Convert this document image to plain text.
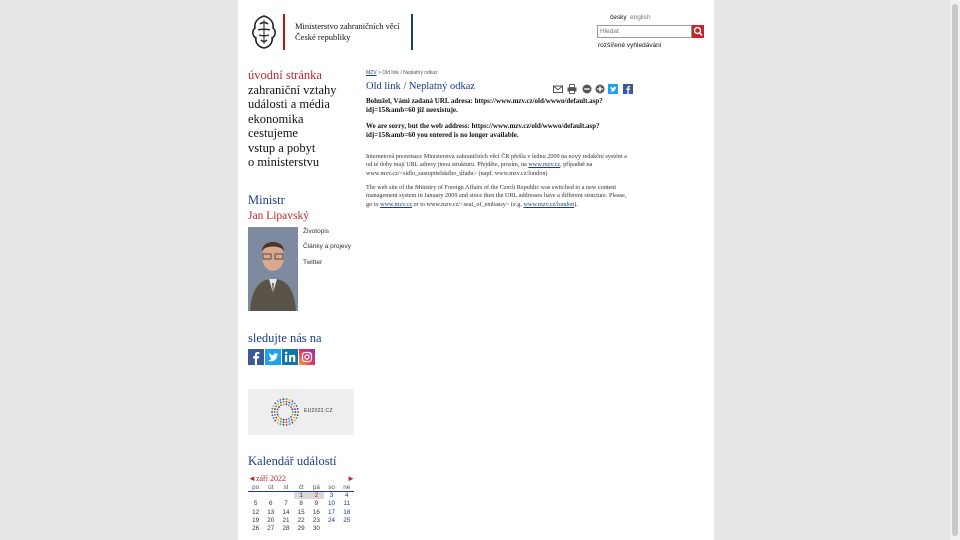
Ministerstvo zahraničních věcí
České republiky
česky english
Hledat
rozšířené vyhledávání
úvodní stránka
zahraniční vztahy
události a média
ekonomika
cestujeme
vstup a pobyt
o ministerstvu
Ministr
Jan Lipavský
Životopis
Články a projevy
Twitter
sledujte nás na
EU2022.CZ
Kalendář událostí
◄ září 2022	►
po	út	st	čt	pá	so	ne
			1	2	3	4
5	6	7	8	9	10	11
12	13	14	15	16	17	18
19	20	21	22	23	24	25
26	27	28	29	30		
MZV > Old link / Neplatný odkaz
Old link / Neplatný odkaz
Bohužel, Vámi zadaná URL adresa: https://www.mzv.cz/old/wwwo/default.asp?idj=15&amb=60 již neexistuje.
We are sorry, but the web address: https://www.mzv.cz/old/wwwo/default.asp?idj=15&amb=60 you entered is no longer available.
Internetová prezentace Ministerstva zahraničních věcí ČR přešla v lednu 2009 na nový redakční systém a od té doby mají URL adresy jinou strukturu. Přejděte, prosím, na www.mzv.cz, případně na www.mzv.cz/<sídlo_zastupitelského_úřadu> (např. www.mzv.cz/london)
The web site of the Ministry of Foreign Affairs of the Czech Republic was switched to a new content management system in January 2009 and since then the URL addresses have a different structure. Please, go to www.mzv.cz or to www.mzv.cz/<seat_of_embassy> (e.g. www.mzv.cz/london).
